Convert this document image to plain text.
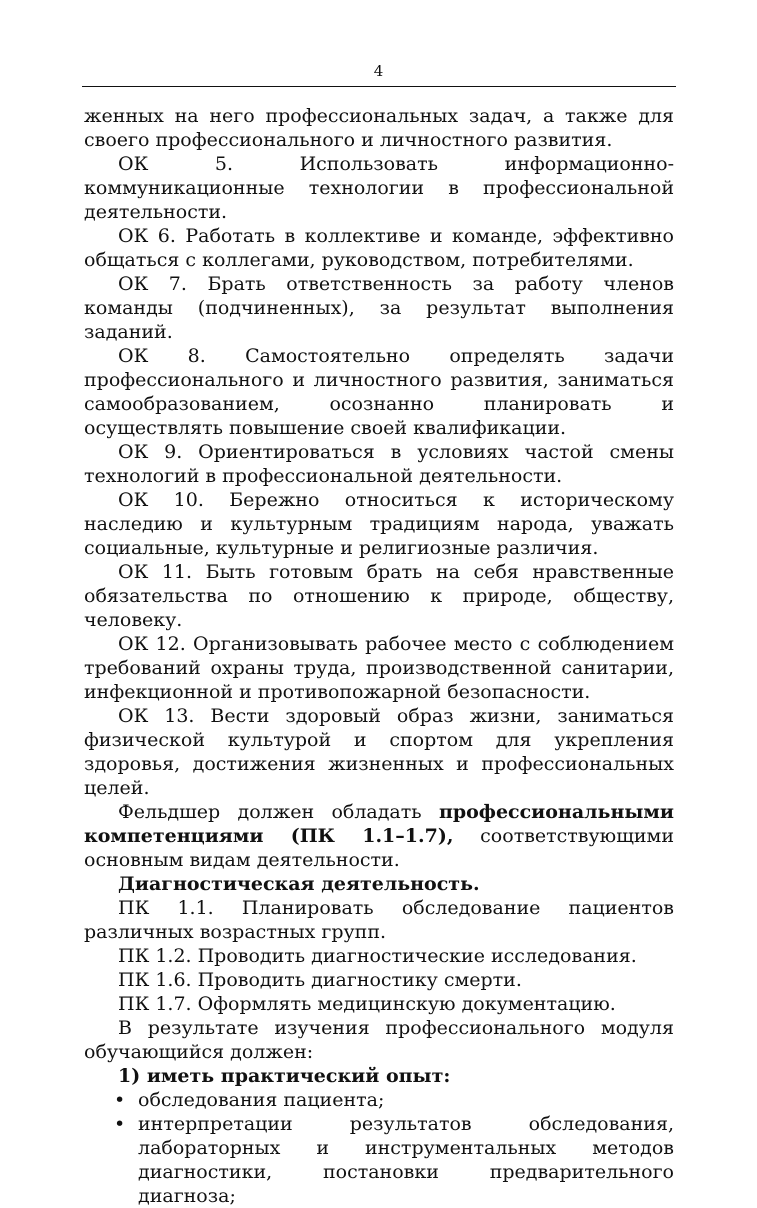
4

женных на него профессиональных задач, а также для своего профессионального и личностного развития.

ОК 5. Использовать информационно-коммуникационные технологии в профессиональной деятельности.

ОК 6. Работать в коллективе и команде, эффективно общаться с коллегами, руководством, потребителями.

ОК 7. Брать ответственность за работу членов команды (подчиненных), за результат выполнения заданий.

ОК 8. Самостоятельно определять задачи профессионального и личностного развития, заниматься самообразованием, осознанно планировать и осуществлять повышение своей квалификации.

ОК 9. Ориентироваться в условиях частой смены технологий в профессиональной деятельности.

ОК 10. Бережно относиться к историческому наследию и культурным традициям народа, уважать социальные, культурные и религиозные различия.

ОК 11. Быть готовым брать на себя нравственные обязательства по отношению к природе, обществу, человеку.

ОК 12. Организовывать рабочее место с соблюдением требований охраны труда, производственной санитарии, инфекционной и противопожарной безопасности.

ОК 13. Вести здоровый образ жизни, заниматься физической культурой и спортом для укрепления здоровья, достижения жизненных и профессиональных целей.

Фельдшер должен обладать профессиональными компетенциями (ПК 1.1–1.7), соответствующими основным видам деятельности.

Диагностическая деятельность.

ПК 1.1. Планировать обследование пациентов различных возрастных групп.

ПК 1.2. Проводить диагностические исследования.

ПК 1.6. Проводить диагностику смерти.

ПК 1.7. Оформлять медицинскую документацию.

В результате изучения профессионального модуля обучающийся должен:

1) иметь практический опыт:

• обследования пациента;
• интерпретации результатов обследования, лабораторных и инструментальных методов диагностики, постановки предварительного диагноза;
